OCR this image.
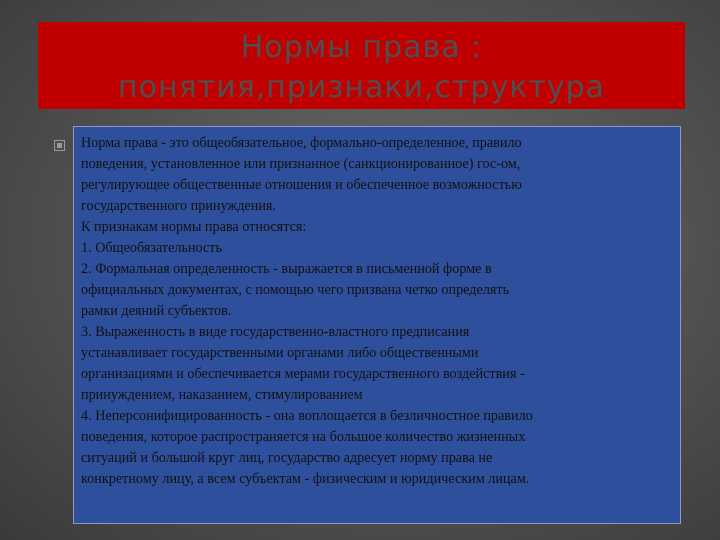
Нормы права :
понятия,признаки,структура
Норма права - это общеобязательное, формально-определенное, правило
поведения, установленное или признанное (санкционированное) гос-ом,
регулирующее общественные отношения и обеспеченное возможностью
государственного принуждения.
К признакам нормы права относятся:
1. Общеобязательность
2. Формальная определенность - выражается в письменной форме в
официальных документах, с помощью чего призвана четко определять
рамки деяний субъектов.
3. Выраженность в виде государственно-властного предписания
устанавливает государственными органами либо общественными
организациями и обеспечивается мерами государственного воздействия -
принуждением, наказанием, стимулированием
4. Неперсонифицированность - она воплощается в безличностное правило
поведения, которое распространяется на большое количество жизненных
ситуаций и большой круг лиц, государство адресует норму права не
конкретному лицу, а всем субъектам - физическим и юридическим лицам.
